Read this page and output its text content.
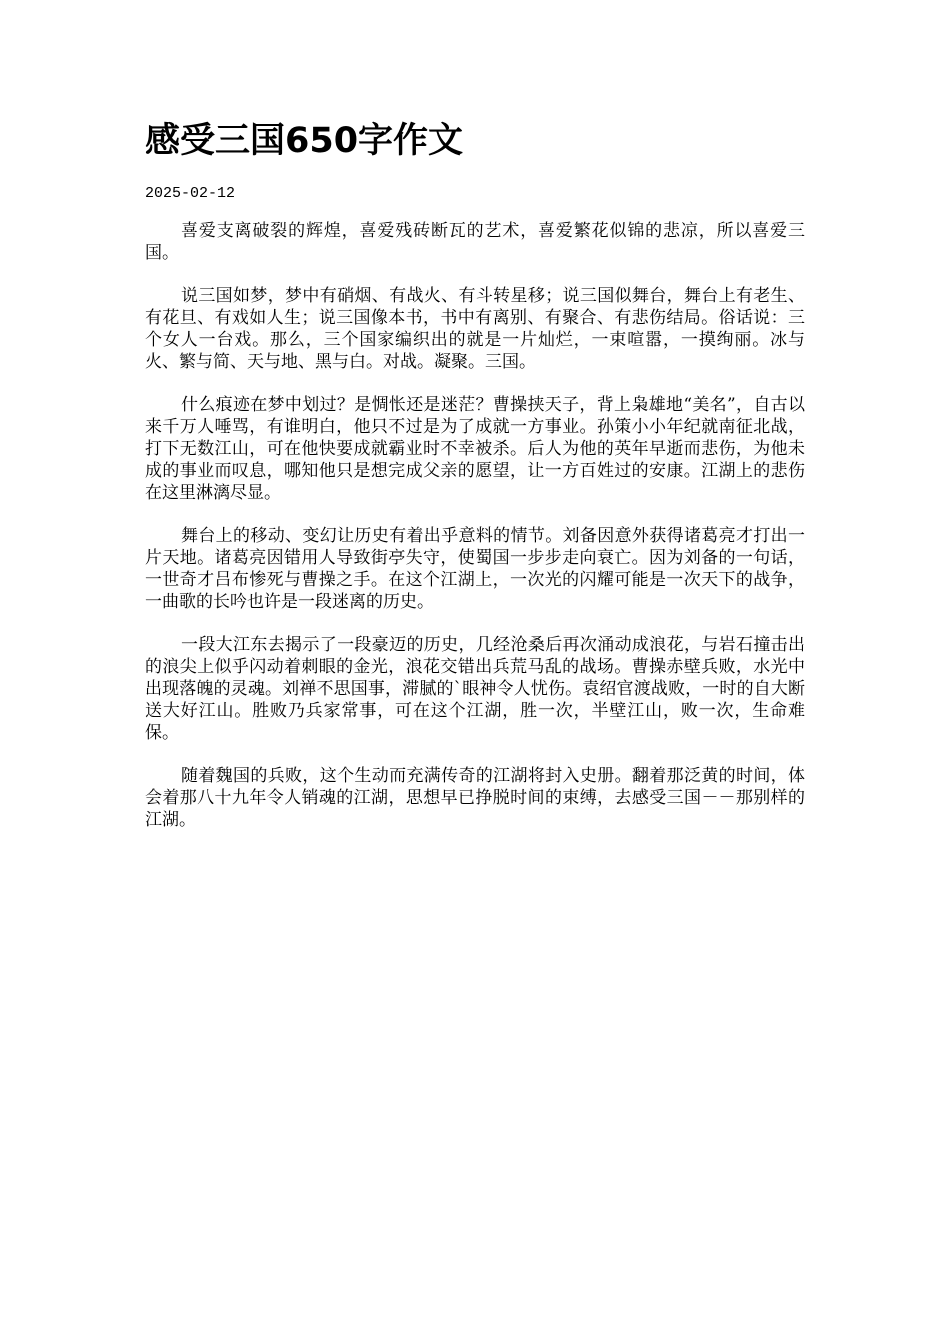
感受三国650字作文
2025-02-12

喜爱支离破裂的辉煌，喜爱残砖断瓦的艺术，喜爱繁花似锦的悲凉，所以喜爱三国。

说三国如梦，梦中有硝烟、有战火、有斗转星移；说三国似舞台，舞台上有老生、有花旦、有戏如人生；说三国像本书，书中有离别、有聚合、有悲伤结局。俗话说：三个女人一台戏。那么，三个国家编织出的就是一片灿烂，一束喧嚣，一摸绚丽。冰与火、繁与简、天与地、黑与白。对战。凝聚。三国。

什么痕迹在梦中划过？是惆怅还是迷茫？曹操挟天子，背上枭雄地“美名”，自古以来千万人唾骂，有谁明白，他只不过是为了成就一方事业。孙策小小年纪就南征北战，打下无数江山，可在他快要成就霸业时不幸被杀。后人为他的英年早逝而悲伤，为他未成的事业而叹息，哪知他只是想完成父亲的愿望，让一方百姓过的安康。江湖上的悲伤在这里淋漓尽显。

舞台上的移动、变幻让历史有着出乎意料的情节。刘备因意外获得诸葛亮才打出一片天地。诸葛亮因错用人导致街亭失守，使蜀国一步步走向衰亡。因为刘备的一句话，一世奇才吕布惨死与曹操之手。在这个江湖上，一次光的闪耀可能是一次天下的战争，一曲歌的长吟也许是一段迷离的历史。

一段大江东去揭示了一段豪迈的历史，几经沧桑后再次涌动成浪花，与岩石撞击出的浪尖上似乎闪动着刺眼的金光，浪花交错出兵荒马乱的战场。曹操赤壁兵败，水光中出现落魄的灵魂。刘禅不思国事，滞腻的`眼神令人忧伤。袁绍官渡战败，一时的自大断送大好江山。胜败乃兵家常事，可在这个江湖，胜一次，半壁江山，败一次，生命难保。

随着魏国的兵败，这个生动而充满传奇的江湖将封入史册。翻着那泛黄的时间，体会着那八十九年令人销魂的江湖，思想早已挣脱时间的束缚，去感受三国－－那别样的江湖。
